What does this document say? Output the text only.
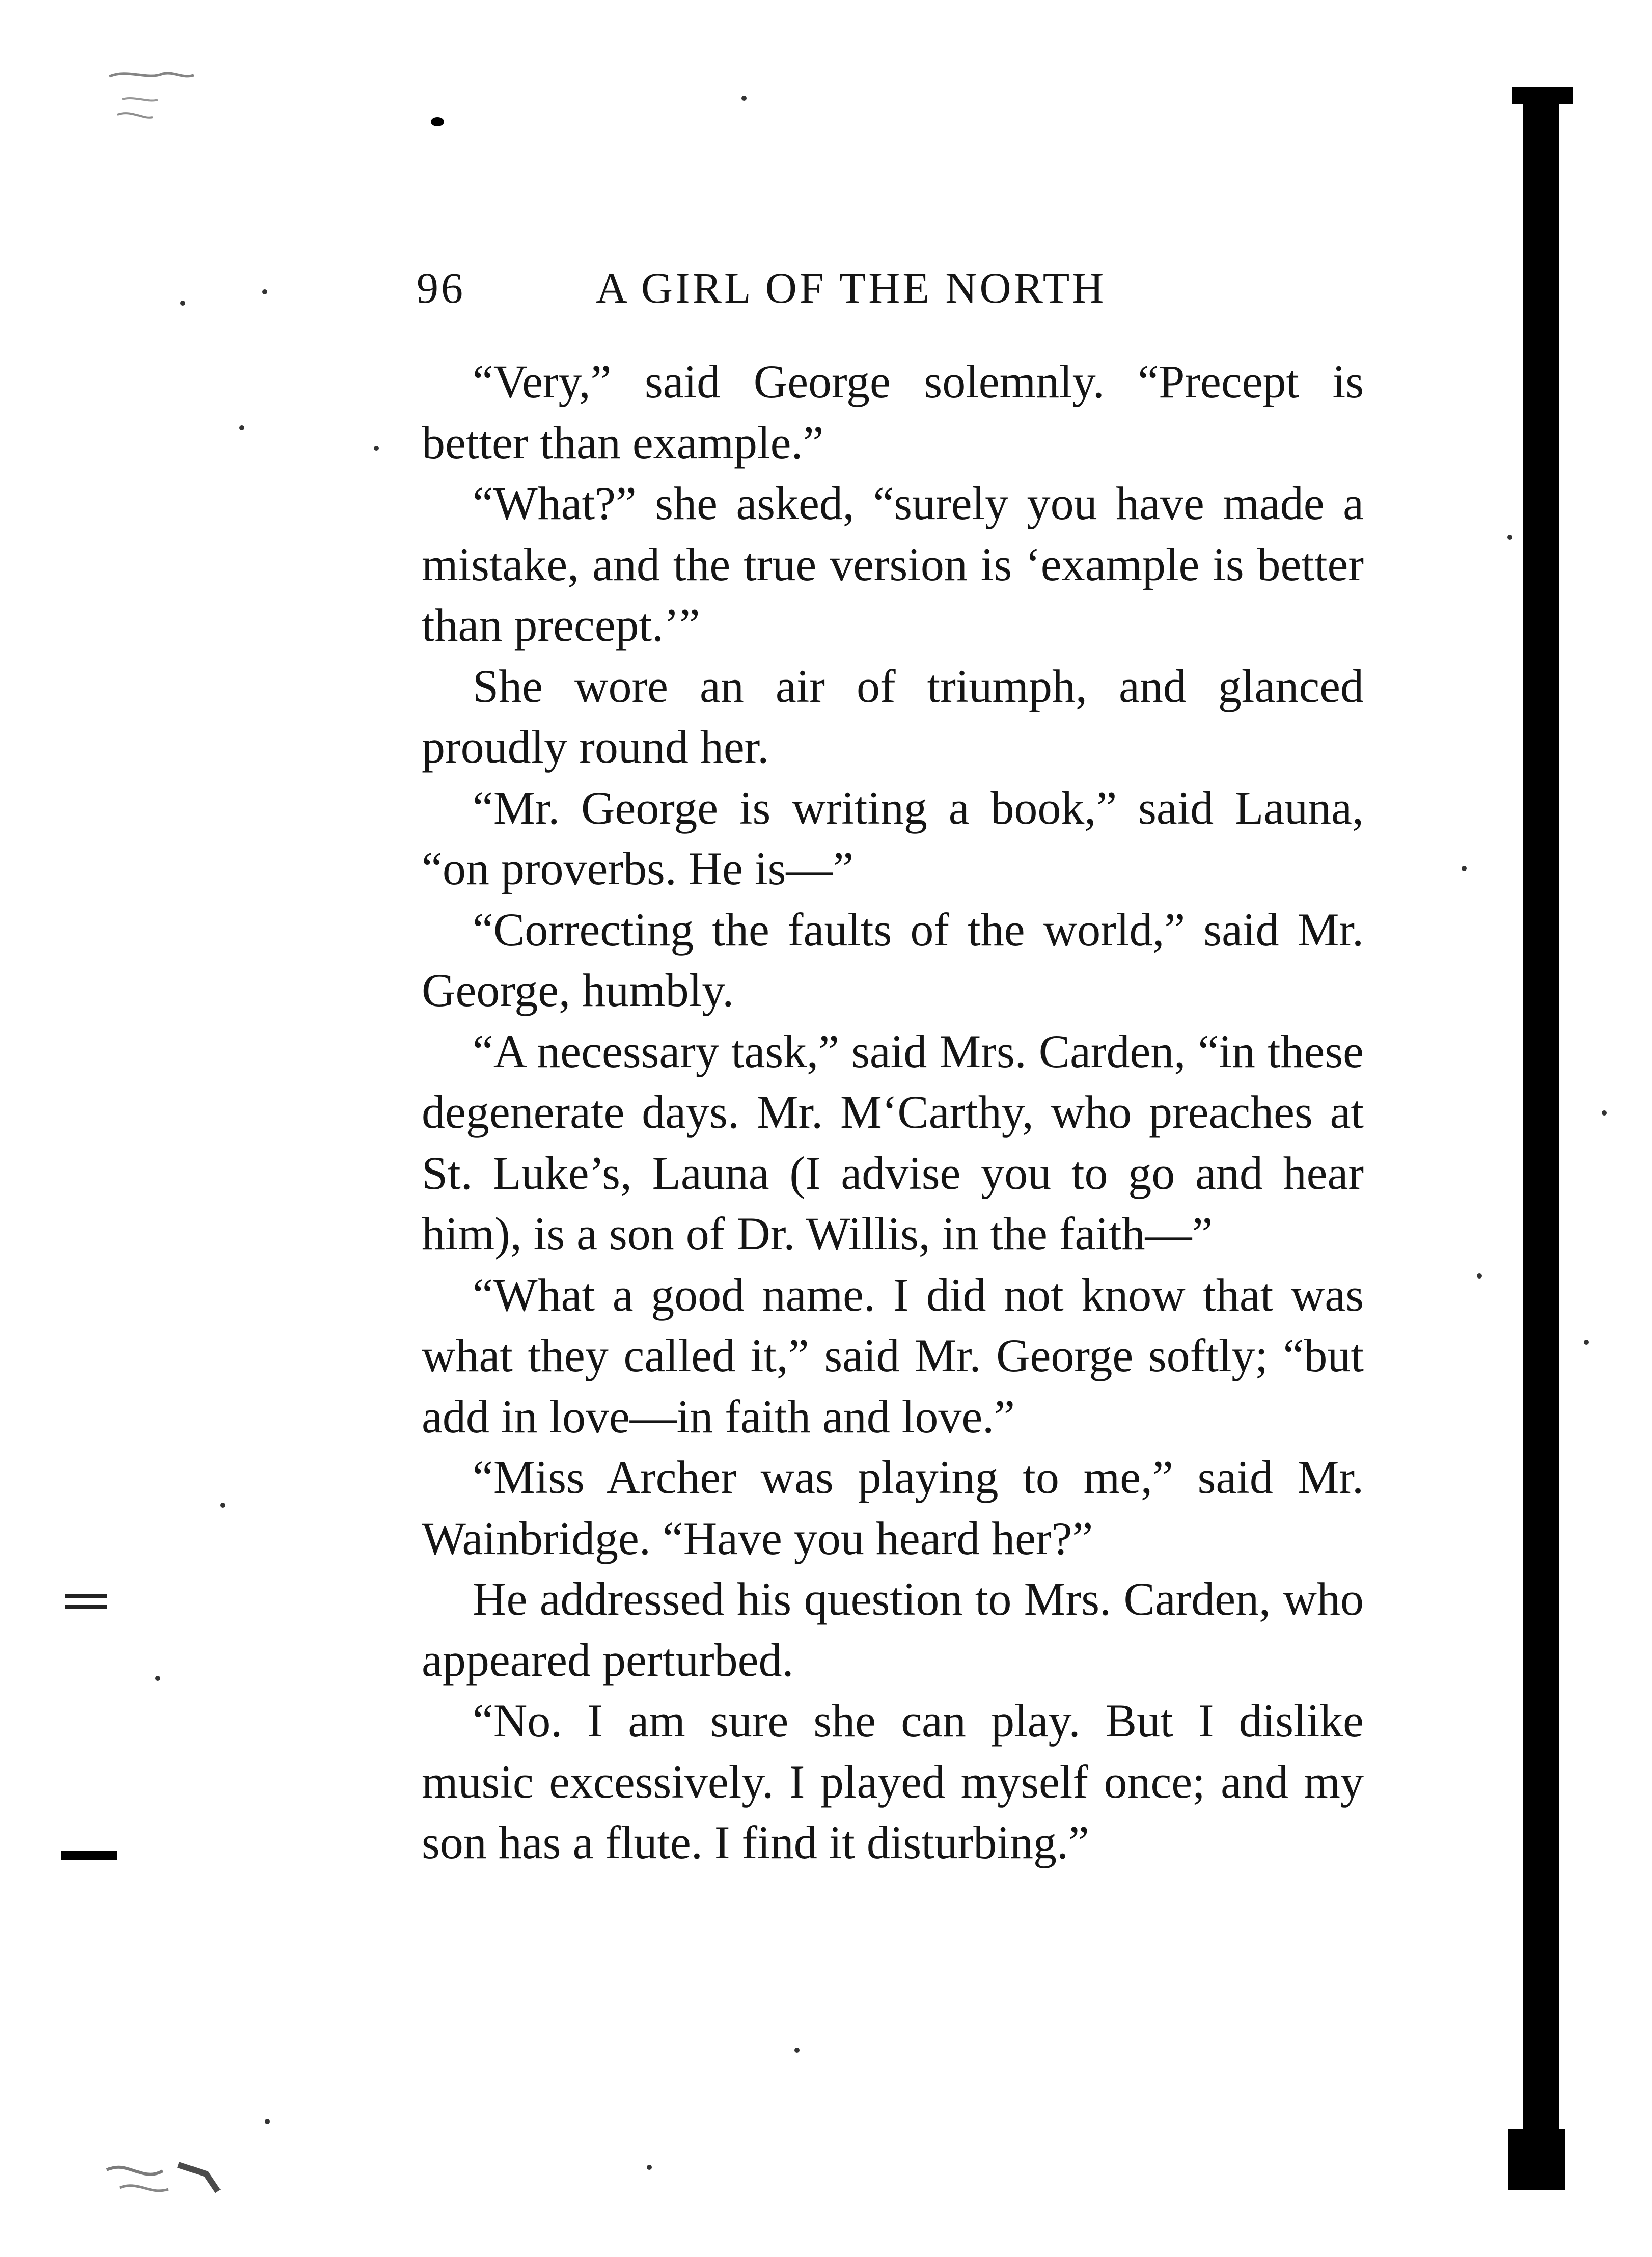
96	A GIRL OF THE NORTH

“Very,” said George solemnly. “Precept is better than example.”

“What?” she asked, “surely you have made a mistake, and the true version is ‘example is better than precept.’”

She wore an air of triumph, and glanced proudly round her.

“Mr. George is writing a book,” said Launa, “on proverbs. He is—”

“Correcting the faults of the world,” said Mr. George, humbly.

“A necessary task,” said Mrs. Carden, “in these degenerate days. Mr. M‘Carthy, who preaches at St. Luke’s, Launa (I advise you to go and hear him), is a son of Dr. Willis, in the faith—”

“What a good name. I did not know that was what they called it,” said Mr. George softly; “but add in love—in faith and love.”

“Miss Archer was playing to me,” said Mr. Wainbridge. “Have you heard her?”

He addressed his question to Mrs. Carden, who appeared perturbed.

“No. I am sure she can play. But I dislike music excessively. I played myself once; and my son has a flute. I find it disturbing.”
